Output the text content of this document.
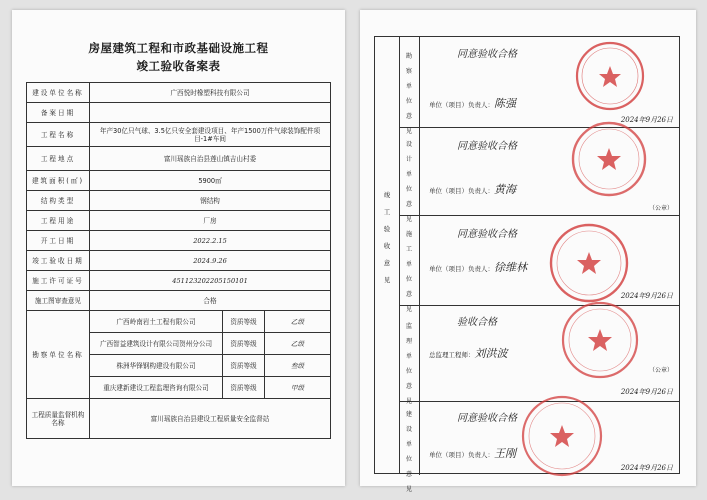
房屋建筑工程和市政基础设施工程
竣工验收备案表
建设单位名称	广西悦时橡塑科技有限公司		
备案日期			
工程名称	年产30亿只气球、3.5亿只安全套建设项目、年产1500万件气球装饰配件项目-1#车间		
工程地点	富川瑶族自治县莲山镇吉山村委		
建筑面积(㎡)	5900㎡		
结构类型	钢结构		
工程用途	厂房		
开工日期	2022.2.15		
竣工验收日期	2024.9.26		
施工许可证号	451123202205150101		
施工图审查意见	合格		
勘察单位名称	广西岭南岩土工程有限公司	资质等级	乙级
	广西智益建筑设计有限公司贺州分公司	资质等级	乙级
	株洲华锋钢构建设有限公司	资质等级	叁级
	重庆建新建设工程监理咨询有限公司	资质等级	甲级
工程质量监督机构名称	富川瑶族自治县建设工程质量安全监督站		
竣工验收意见
勘察单位意见
同意验收合格
单位（项目）负责人：陈强
2024年9月26日
设计单位意见
同意验收合格
单位（项目）负责人：黄海
（公章）
施工单位意见
同意验收合格
单位（项目）负责人：徐维林
2024年9月26日
监理单位意见
验收合格
总监理工程师：刘洪波
（公章）
2024年9月26日
建设单位意见
同意验收合格
单位（项目）负责人：王刚
2024年9月26日
